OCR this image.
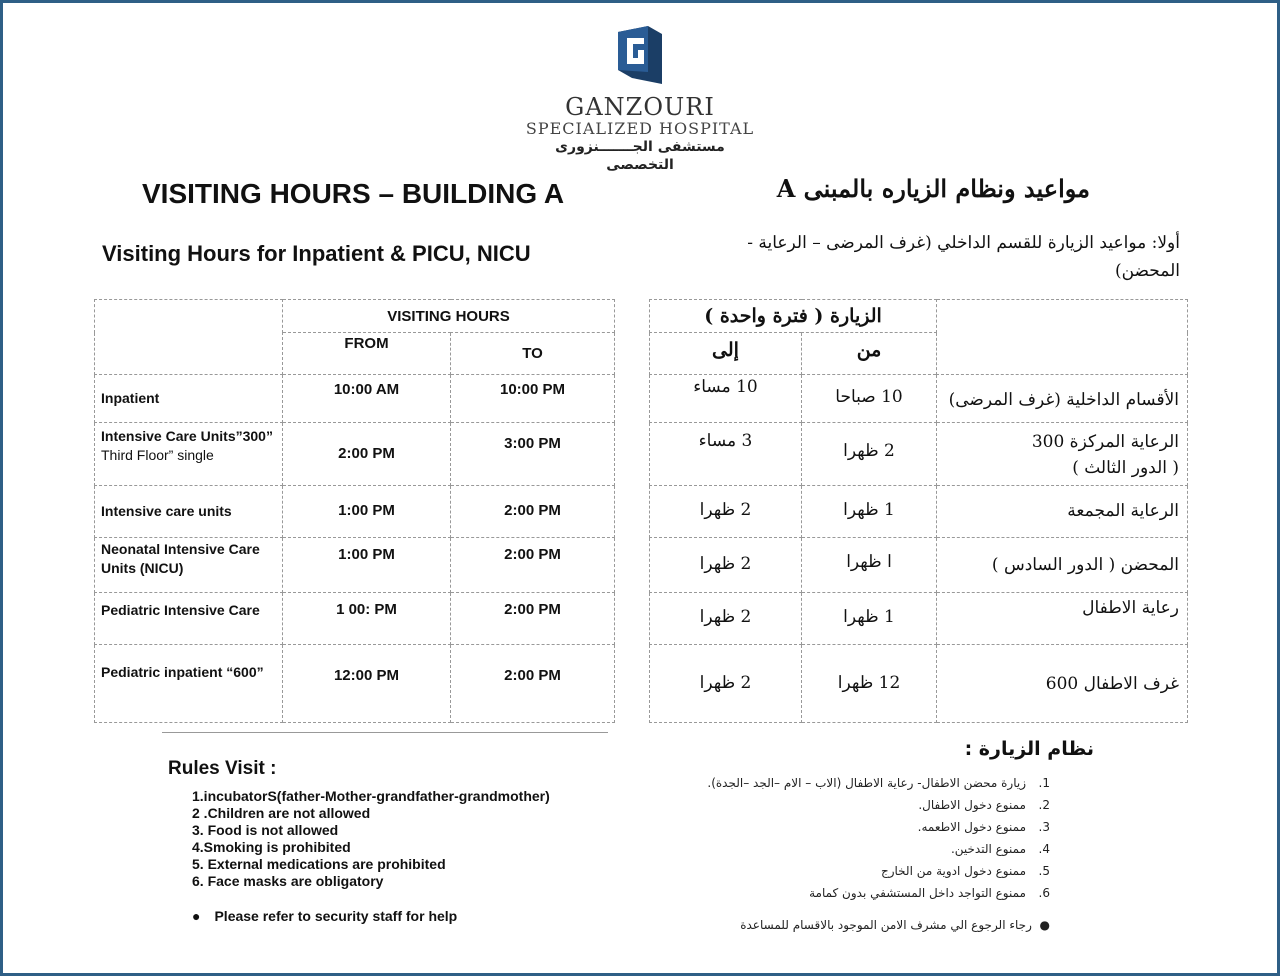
GANZOURI
SPECIALIZED HOSPITAL
مستشفى الجـــــــنزورى التخصصى
VISITING HOURS – BUILDING A	مواعيد ونظام الزياره بالمبنى A
Visiting Hours for Inpatient & PICU, NICU	أولا: مواعيد الزيارة للقسم الداخلي (غرف المرضى – الرعاية - المحضن)
	VISITING HOURS	
	FROM	TO
Inpatient	10:00 AM	10:00 PM
Intensive Care Units”300” Third Floor” single	2:00 PM	3:00 PM
Intensive care units	1:00 PM	2:00 PM
Neonatal Intensive Care Units (NICU)	1:00 PM	2:00 PM
Pediatric Intensive Care	1 00: PM	2:00 PM
Pediatric inpatient “600”	12:00 PM	2:00 PM
الزيارة ( فترة واحدة )		
إلى	من	
10 مساء	10 صباحا	الأقسام الداخلية (غرف المرضى)
3 مساء	2 ظهرا	الرعاية المركزة 300
( الدور الثالث )

2 ظهرا	1 ظهرا	الرعاية المجمعة
2 ظهرا	ا ظهرا	المحضن ( الدور السادس )
2 ظهرا	1 ظهرا	رعاية الاطفال
2 ظهرا	12 ظهرا	غرف الاطفال 600
Rules Visit :
1.incubatorS(father-Mother-grandfather-grandmother)
2 .Children are not allowed
3. Food is not allowed
4.Smoking is prohibited
5. External medications are prohibited
6. Face masks are obligatory
● Please refer to security staff for help
نظام الزيارة :
1.زيارة محضن الاطفال- رعاية الاطفال (الاب – الام –الجد –الجدة).
2.ممنوع دخول الاطفال.
3.ممنوع دخول الاطعمه.
4.ممنوع التدخين.
5.ممنوع دخول ادوية من الخارج
6.ممنوع التواجد داخل المستشفي بدون كمامة
●  رجاء الرجوع الي مشرف الامن الموجود بالاقسام للمساعدة
